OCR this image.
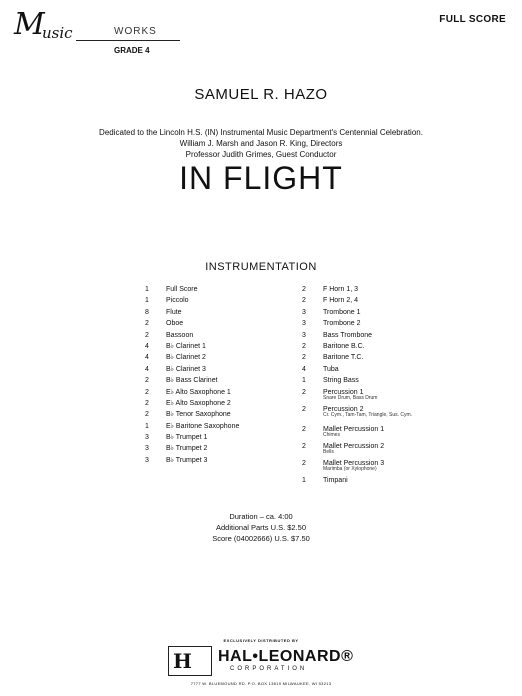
M
usic	WORKS
GRADE 4
FULL SCORE
SAMUEL R. HAZO
Dedicated to the Lincoln H.S. (IN) Instrumental Music Department's Centennial Celebration.
William J. Marsh and Jason R. King, Directors
Professor Judith Grimes, Guest Conductor
IN FLIGHT
INSTRUMENTATION
1 Full Score
1 Piccolo
8 Flute
2 Oboe
2 Bassoon
4 B♭ Clarinet 1
4 B♭ Clarinet 2
4 B♭ Clarinet 3
2 B♭ Bass Clarinet
2 E♭ Alto Saxophone 1
2 E♭ Alto Saxophone 2
2 B♭ Tenor Saxophone
1 E♭ Baritone Saxophone
3 B♭ Trumpet 1
3 B♭ Trumpet 2
3 B♭ Trumpet 3
2 F Horn 1, 3
2 F Horn 2, 4
3 Trombone 1
3 Trombone 2
3 Bass Trombone
2 Baritone B.C.
2 Baritone T.C.
4 Tuba
1 String Bass
2 Percussion 1
Snare Drum, Bass Drum
2 Percussion 2
Cr. Cym., Tam-Tam, Triangle, Sus. Cym.
2 Mallet Percussion 1
Chimes
2 Mallet Percussion 2
Bells
2 Mallet Percussion 3
Marimba (or Xylophone)
1 Timpani
Duration – ca. 4:00
Additional Parts U.S. $2.50
Score (04002666) U.S. $7.50
EXCLUSIVELY DISTRIBUTED BY
H HAL•LEONARD®
CORPORATION
7777 W. BLUEMOUND RD. P.O. BOX 13819 MILWAUKEE, WI 53213
